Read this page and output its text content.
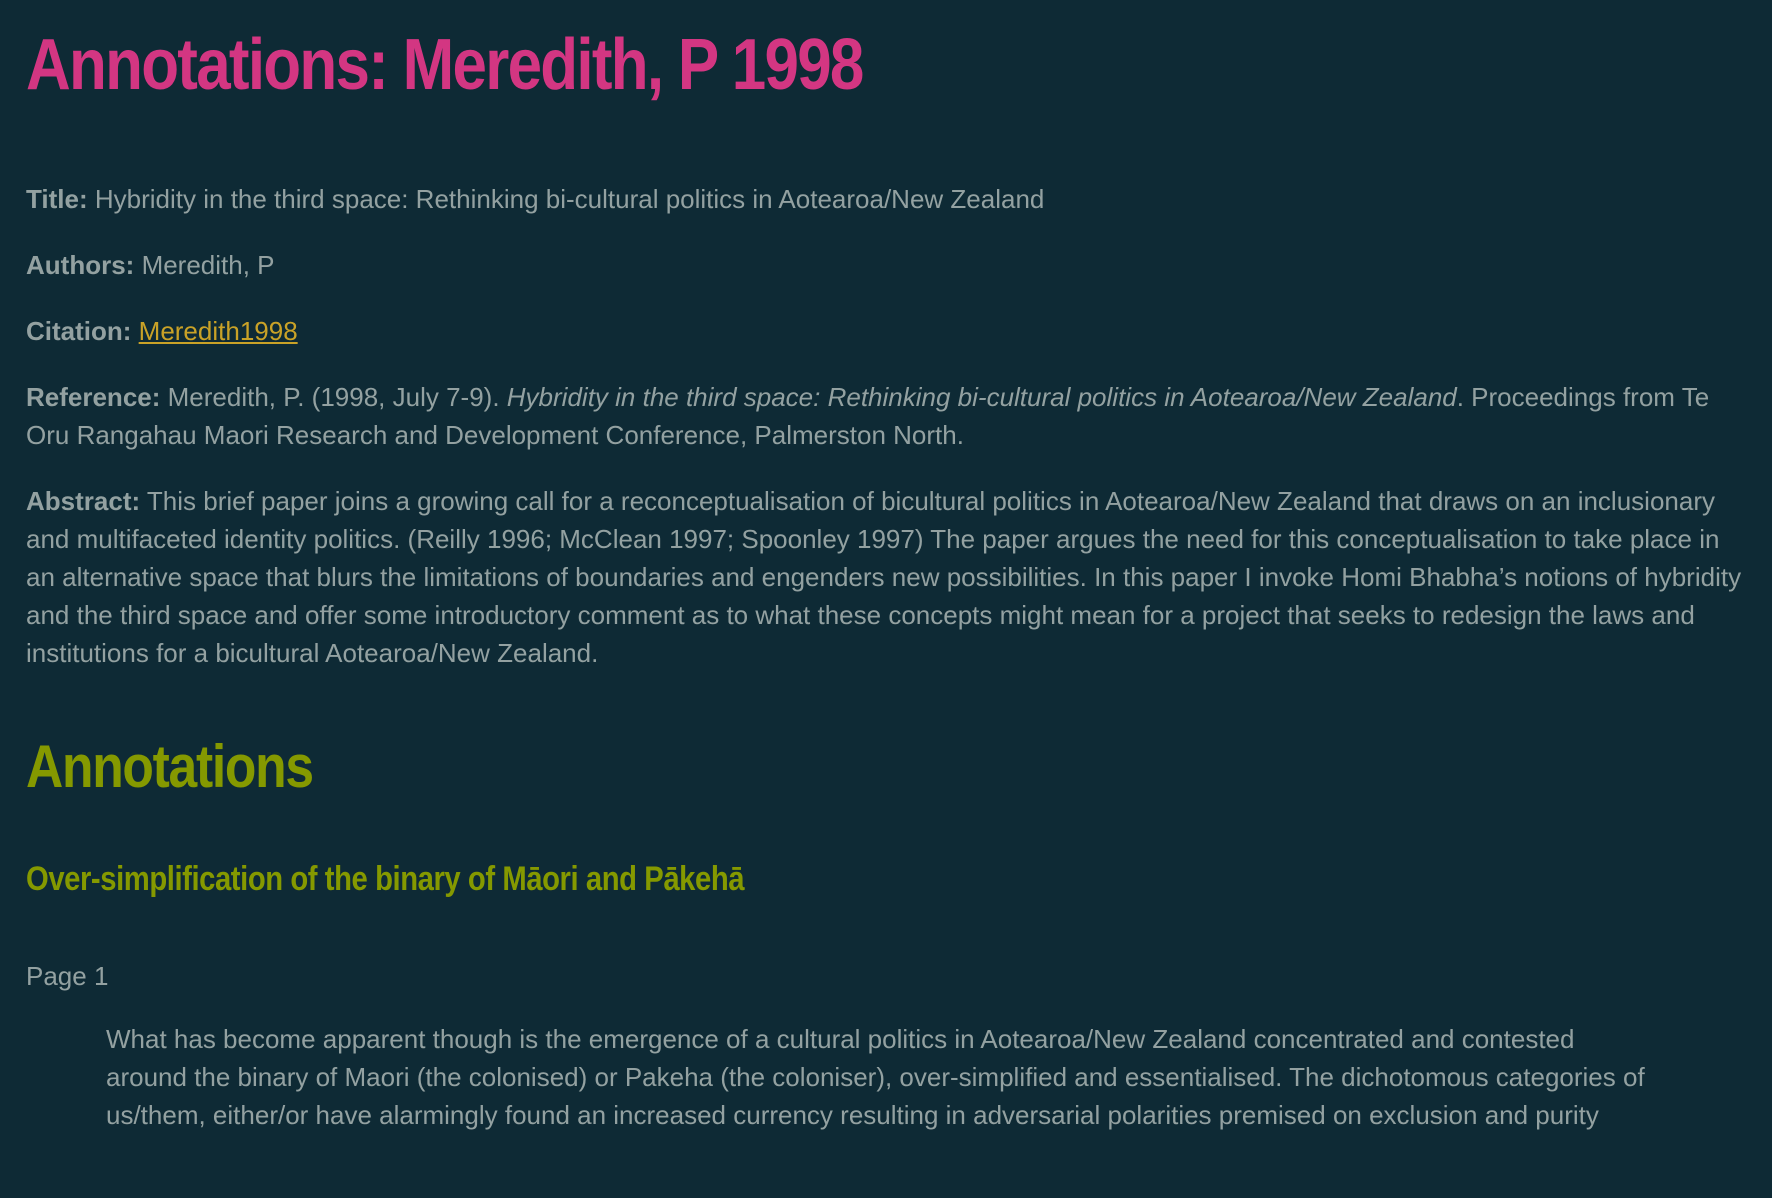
Annotations: Meredith, P 1998

Title: Hybridity in the third space: Rethinking bi-cultural politics in Aotearoa/New Zealand

Authors: Meredith, P

Citation: Meredith1998

Reference: Meredith, P. (1998, July 7-9). Hybridity in the third space: Rethinking bi-cultural politics in Aotearoa/New Zealand. Proceedings from Te Oru Rangahau Maori Research and Development Conference, Palmerston North.

Abstract: This brief paper joins a growing call for a reconceptualisation of bicultural politics in Aotearoa/New Zealand that draws on an inclusionary and multifaceted identity politics. (Reilly 1996; McClean 1997; Spoonley 1997) The paper argues the need for this conceptualisation to take place in an alternative space that blurs the limitations of boundaries and engenders new possibilities. In this paper I invoke Homi Bhabha’s notions of hybridity and the third space and offer some introductory comment as to what these concepts might mean for a project that seeks to redesign the laws and institutions for a bicultural Aotearoa/New Zealand.

Annotations
Over-simplification of the binary of Māori and Pākehā

Page 1

What has become apparent though is the emergence of a cultural politics in Aotearoa/New Zealand concentrated and contested around the binary of Maori (the colonised) or Pakeha (the coloniser), over-simplified and essentialised. The dichotomous categories of us/them, either/or have alarmingly found an increased currency resulting in adversarial polarities premised on exclusion and purity
